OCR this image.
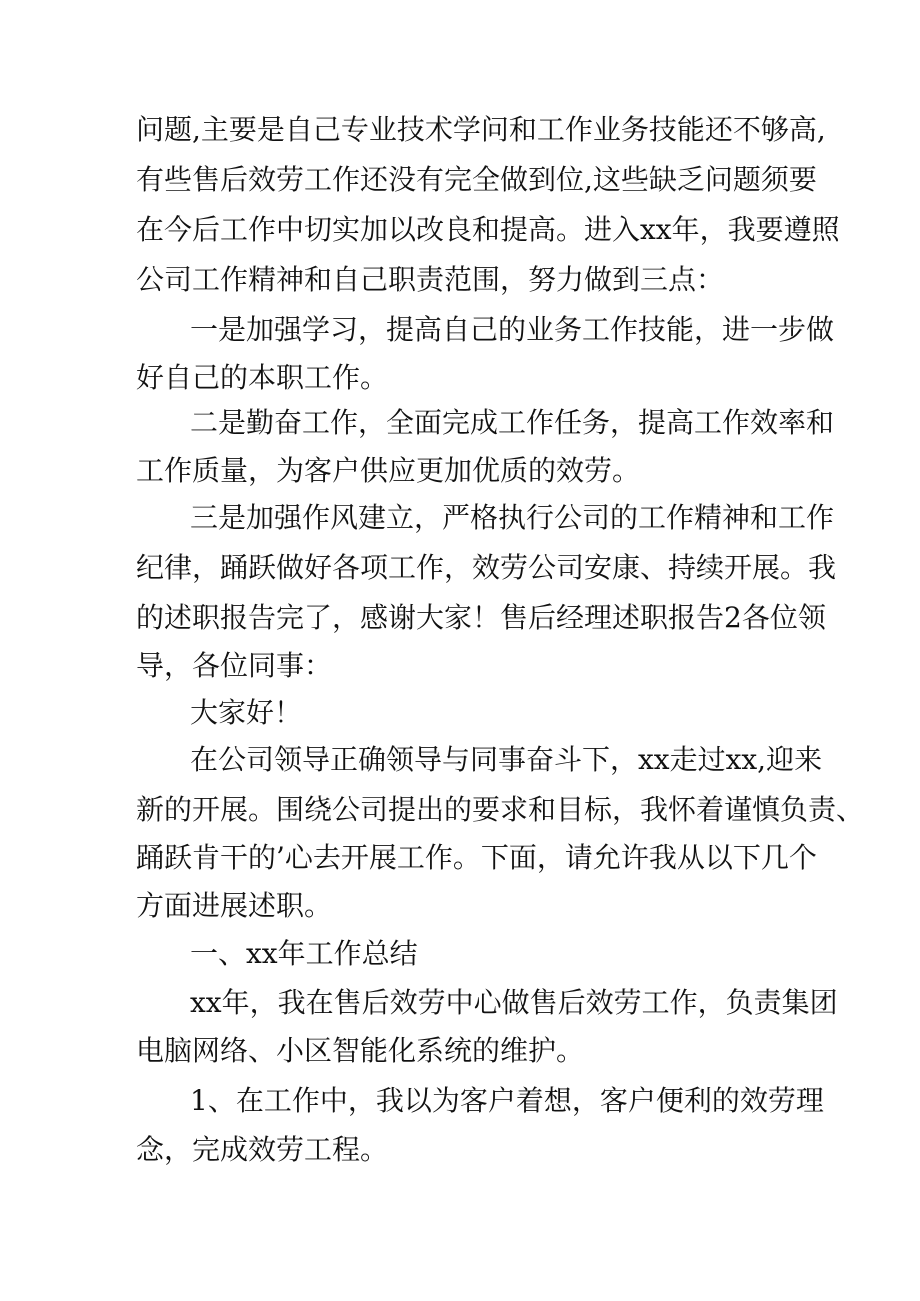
问题,主要是自己专业技术学问和工作业务技能还不够高,
有些售后效劳工作还没有完全做到位,这些缺乏问题须要
在今后工作中切实加以改良和提高。进入xx年，我要遵照
公司工作精神和自己职责范围，努力做到三点：
一是加强学习，提高自己的业务工作技能，进一步做
好自己的本职工作。
二是勤奋工作，全面完成工作任务，提高工作效率和
工作质量，为客户供应更加优质的效劳。
三是加强作风建立，严格执行公司的工作精神和工作
纪律，踊跃做好各项工作，效劳公司安康、持续开展。我
的述职报告完了，感谢大家！售后经理述职报告2各位领
导，各位同事：
大家好！
在公司领导正确领导与同事奋斗下，xx走过xx,迎来
新的开展。围绕公司提出的要求和目标，我怀着谨慎负责、
踊跃肯干的’心去开展工作。下面，请允许我从以下几个
方面进展述职。
一、xx年工作总结
xx年，我在售后效劳中心做售后效劳工作，负责集团
电脑网络、小区智能化系统的维护。
1、在工作中，我以为客户着想，客户便利的效劳理
念，完成效劳工程。
